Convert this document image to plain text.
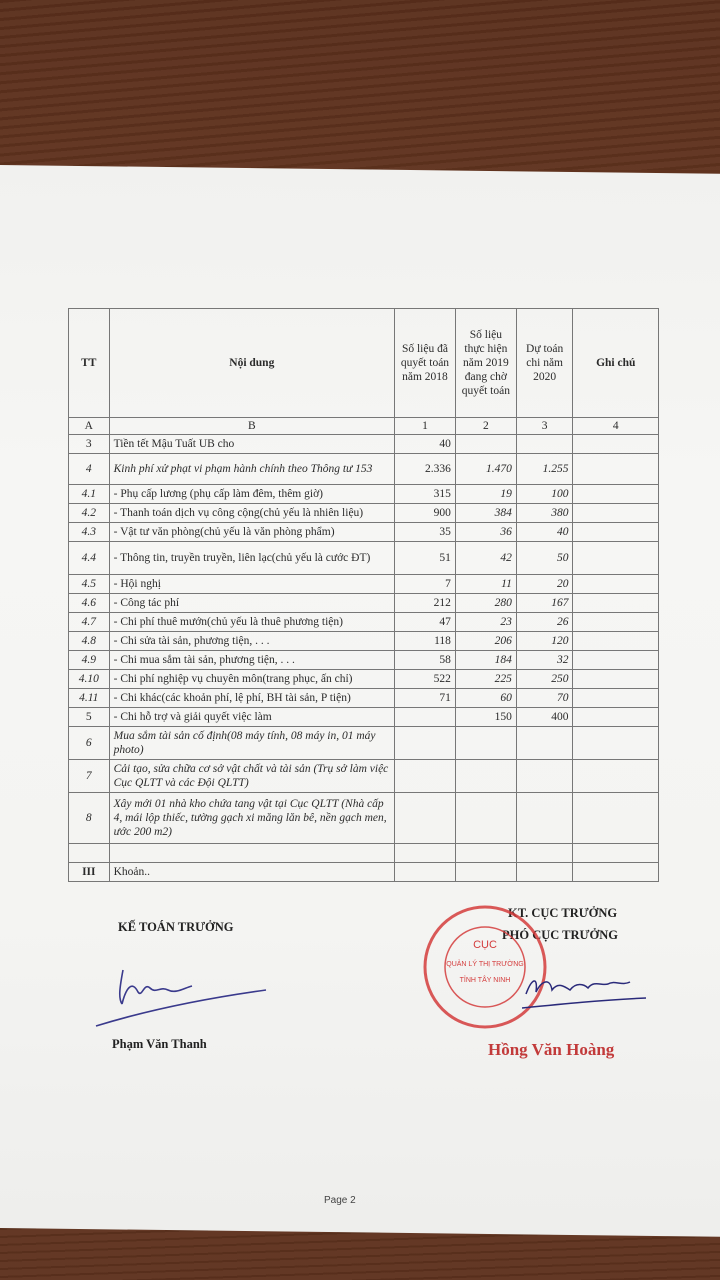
TT	Nội dung	Số liệu đã quyết toán năm 2018	Số liệu thực hiện năm 2019 đang chờ quyết toán	Dự toán chi năm 2020	Ghi chú
A	B	1	2	3	4
3	Tiền tết Mậu Tuất UB cho	40			
4	Kinh phí xử phạt vi phạm hành chính theo Thông tư 153	2.336	1.470	1.255	
4.1	- Phụ cấp lương (phụ cấp làm đêm, thêm giờ)	315	19	100	
4.2	- Thanh toán dịch vụ công cộng(chủ yếu là nhiên liệu)	900	384	380	
4.3	- Vật tư văn phòng(chủ yếu là văn phòng phẩm)	35	36	40	
4.4	- Thông tin, truyền truyền, liên lạc(chủ yếu là cước ĐT)	51	42	50	
4.5	- Hội nghị	7	11	20	
4.6	- Công tác phí	212	280	167	
4.7	- Chi phí thuê mướn(chủ yếu là thuê phương tiện)	47	23	26	
4.8	- Chi sửa tài sản, phương tiện, . . .	118	206	120	
4.9	- Chi mua sắm tài sản, phương tiện, . . .	58	184	32	
4.10	- Chi phí nghiệp vụ chuyên môn(trang phục, ấn chỉ)	522	225	250	
4.11	- Chi khác(các khoản phí, lệ phí, BH tài sản, P tiện)	71	60	70	
5	- Chi hỗ trợ và giải quyết việc làm		150	400	
6	Mua sắm tài sản cố định(08 máy tính, 08 máy in, 01 máy photo)				
7	Cải tạo, sửa chữa cơ sở vật chất và tài sản (Trụ sở làm việc Cục QLTT và các Đội QLTT)				
8	Xây mới 01 nhà kho chứa tang vật tại Cục QLTT (Nhà cấp 4, mái lộp thiếc, tường gạch xi măng lăn bê, nền gạch men, ước 200 m2)				

III	Khoản..				
KẾ TOÁN TRƯỞNG
Phạm Văn Thanh
KT. CỤC TRƯỞNG
PHÓ CỤC TRƯỞNG
CỤC
QUẢN LÝ THỊ TRƯỜNG
TỈNH TÂY NINH
Hồng Văn Hoàng
Page 2
